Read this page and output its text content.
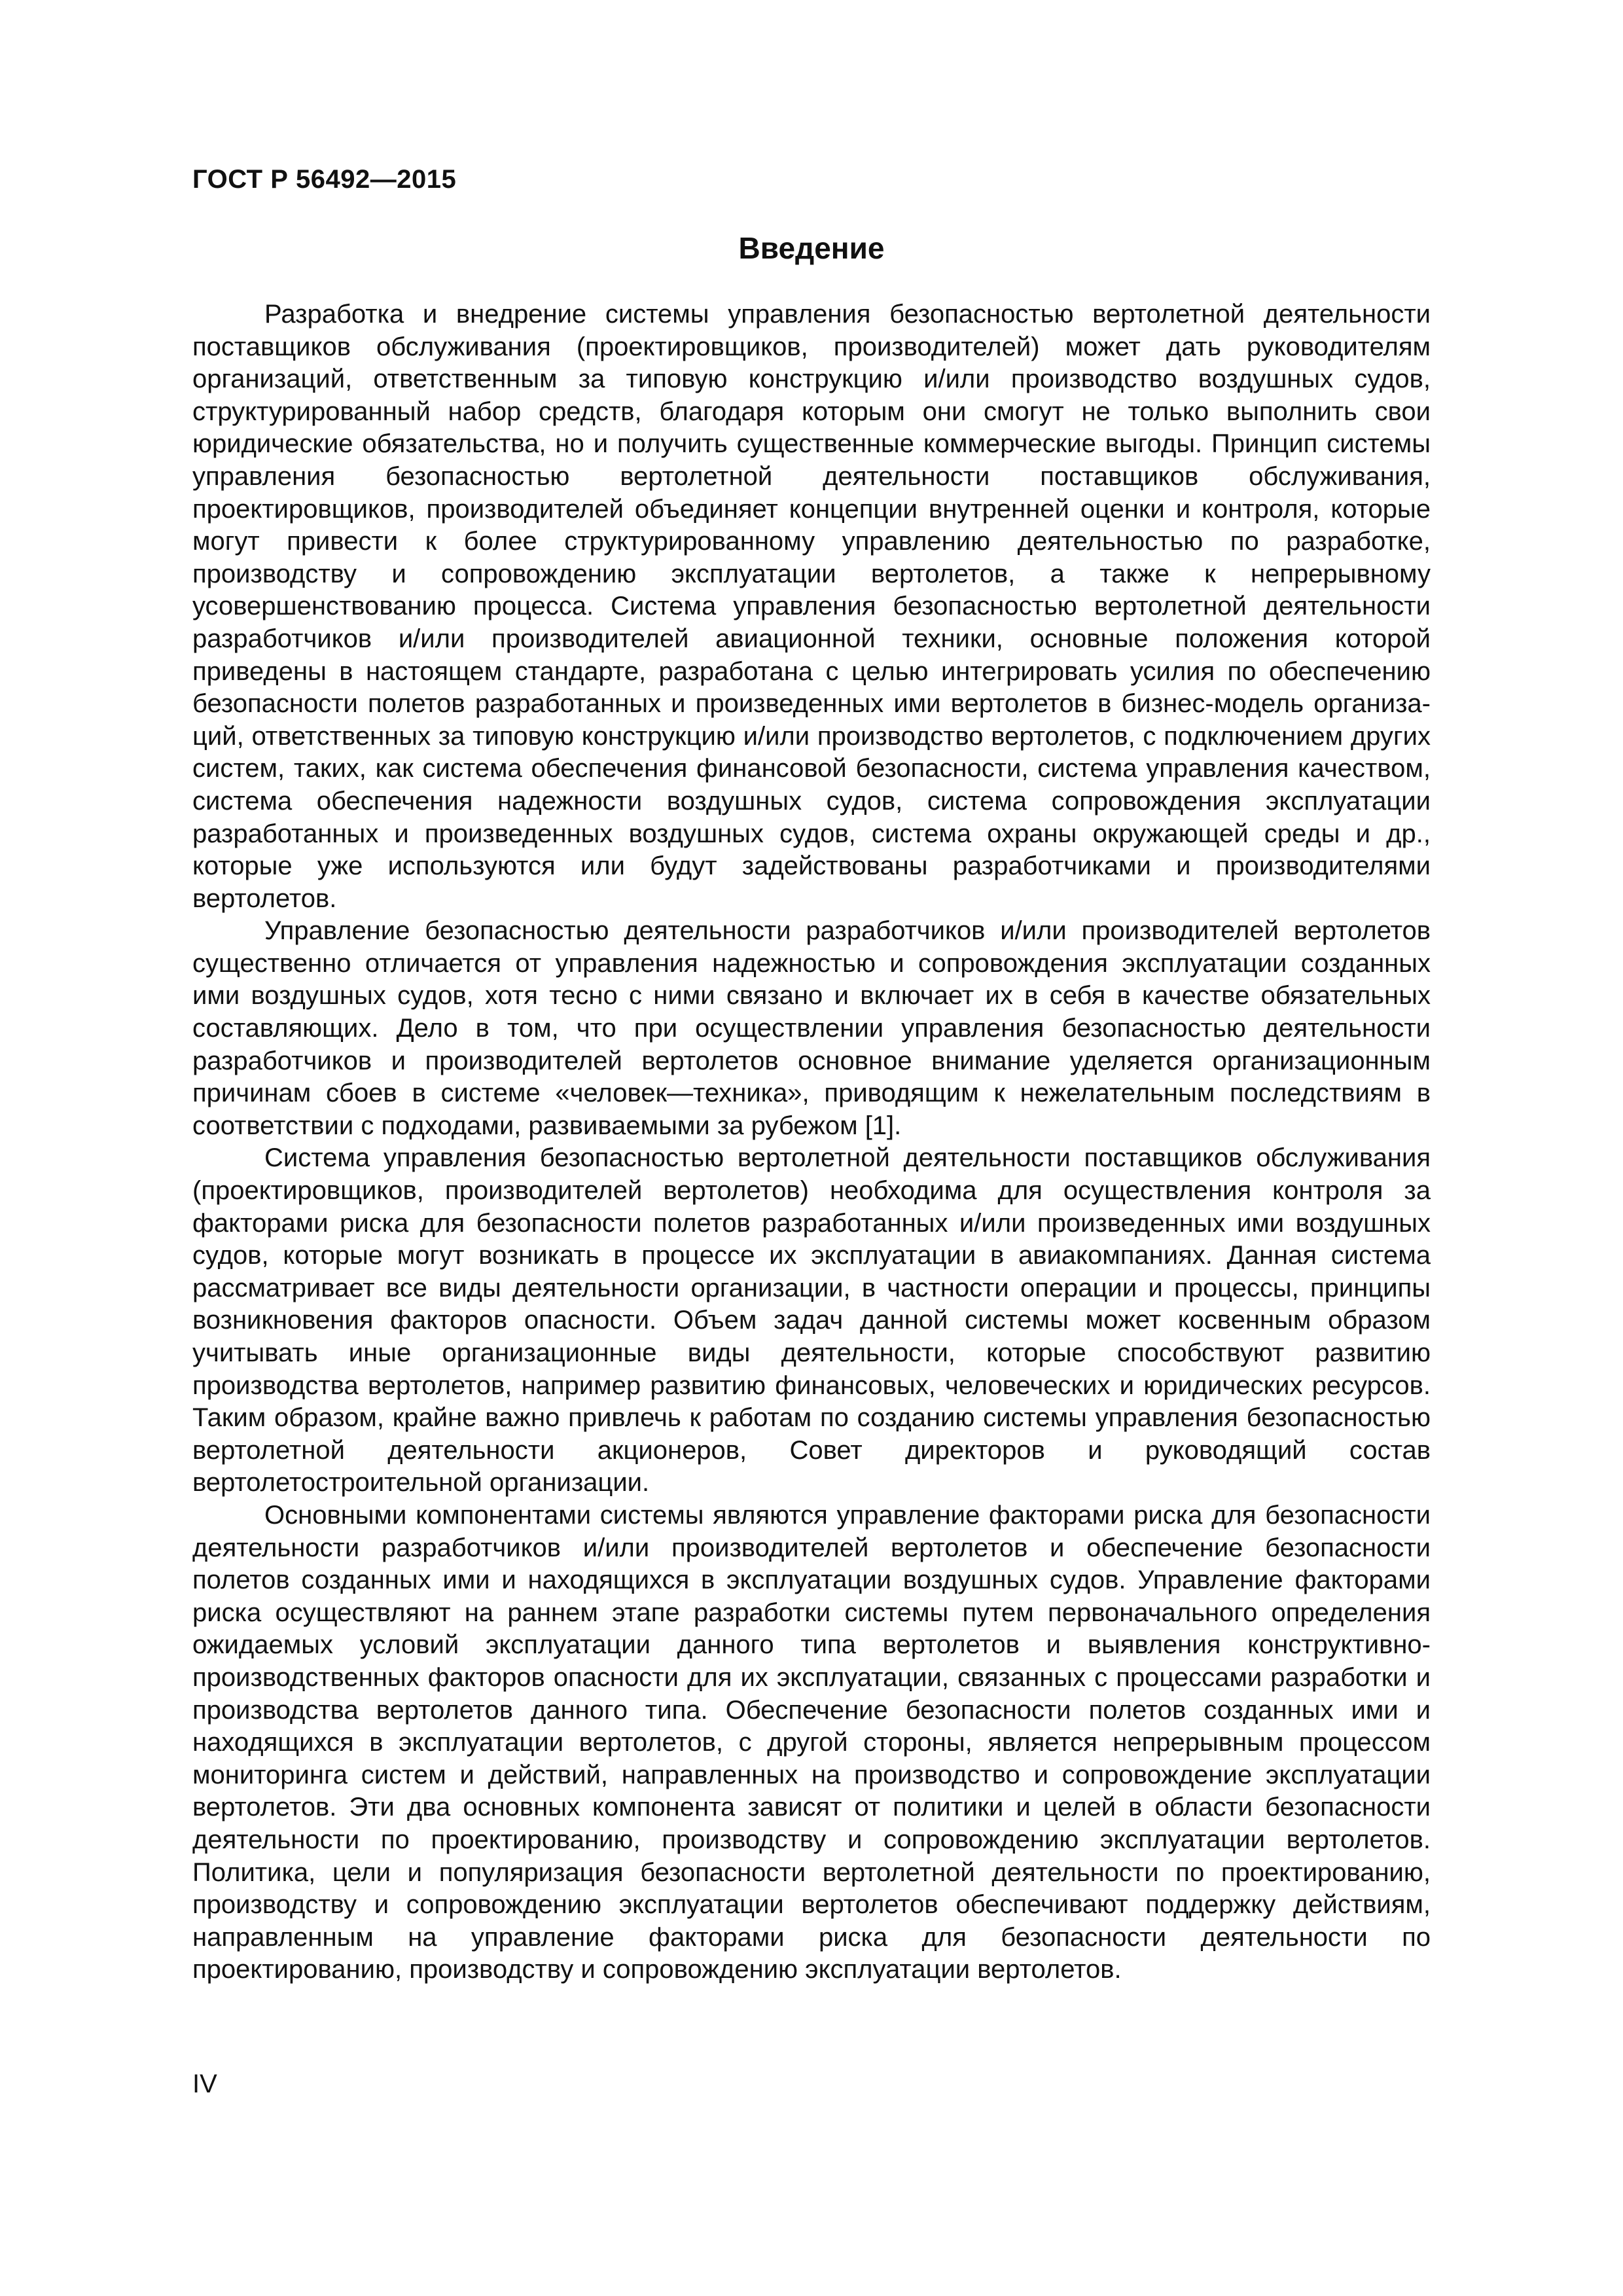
ГОСТ Р 56492—2015
Введение

Разработка и внедрение системы управления безопасностью вертолетной деятельности поставщиков обслуживания (проектировщиков, производителей) может дать руководителям организаций, ответственным за типовую конструкцию и/или производство воздушных судов, структурированный набор средств, благодаря которым они смогут не только выполнить свои юридические обязательства, но и получить существенные коммерческие выгоды. Принцип системы управления безопасностью вертолетной деятельности поставщиков обслуживания, проектировщиков, производителей объединяет концепции внутренней оценки и контроля, которые могут привести к более структурированному управлению деятельностью по разработке, производству и сопровождению эксплуатации вертолетов, а также к непрерывному усовершенствованию процесса. Система управления безопасностью вертолетной деятельности разработчиков и/или производителей авиационной техники, основные положения которой приведены в настоящем стандарте, разработана с целью интегрировать усилия по обеспечению безопасности полетов разработанных и произведенных ими вертолетов в бизнес-модель организаций, ответственных за типовую конструкцию и/или производство вертолетов, с подключением других систем, таких, как система обеспечения финансовой безопасности, система управления качеством, система обеспечения надежности воздушных судов, система сопровождения эксплуатации разработанных и произведенных воздушных судов, система охраны окружающей среды и др., которые уже используются или будут задействованы разработчиками и производителями вертолетов.

Управление безопасностью деятельности разработчиков и/или производителей вертолетов существенно отличается от управления надежностью и сопровождения эксплуатации созданных ими воздушных судов, хотя тесно с ними связано и включает их в себя в качестве обязательных составляющих. Дело в том, что при осуществлении управления безопасностью деятельности разработчиков и производителей вертолетов основное внимание уделяется организационным причинам сбоев в системе «человек—техника», приводящим к нежелательным последствиям в соответствии с подходами, развиваемыми за рубежом [1].

Система управления безопасностью вертолетной деятельности поставщиков обслуживания (проектировщиков, производителей вертолетов) необходима для осуществления контроля за факторами риска для безопасности полетов разработанных и/или произведенных ими воздушных судов, которые могут возникать в процессе их эксплуатации в авиакомпаниях. Данная система рассматривает все виды деятельности организации, в частности операции и процессы, принципы возникновения факторов опасности. Объем задач данной системы может косвенным образом учитывать иные организационные виды деятельности, которые способствуют развитию производства вертолетов, например развитию финансовых, человеческих и юридических ресурсов. Таким образом, крайне важно привлечь к работам по созданию системы управления безопасностью вертолетной деятельности акционеров, Совет директоров и руководящий состав вертолетостроительной организации.

Основными компонентами системы являются управление факторами риска для безопасности деятельности разработчиков и/или производителей вертолетов и обеспечение безопасности полетов созданных ими и находящихся в эксплуатации воздушных судов. Управление факторами риска осуществляют на раннем этапе разработки системы путем первоначального определения ожидаемых условий эксплуатации данного типа вертолетов и выявления конструктивно-производственных факторов опасности для их эксплуатации, связанных с процессами разработки и производства вертолетов данного типа. Обеспечение безопасности полетов созданных ими и находящихся в эксплуатации вертолетов, с другой стороны, является непрерывным процессом мониторинга систем и действий, направленных на производство и сопровождение эксплуатации вертолетов. Эти два основных компонента зависят от политики и целей в области безопасности деятельности по проектированию, производству и сопровождению эксплуатации вертолетов. Политика, цели и популяризация безопасности вертолетной деятельности по проектированию, производству и сопровождению эксплуатации вертолетов обеспечивают поддержку действиям, направленным на управление факторами риска для безопасности деятельности по проектированию, производству и сопровождению эксплуатации вертолетов.

IV
